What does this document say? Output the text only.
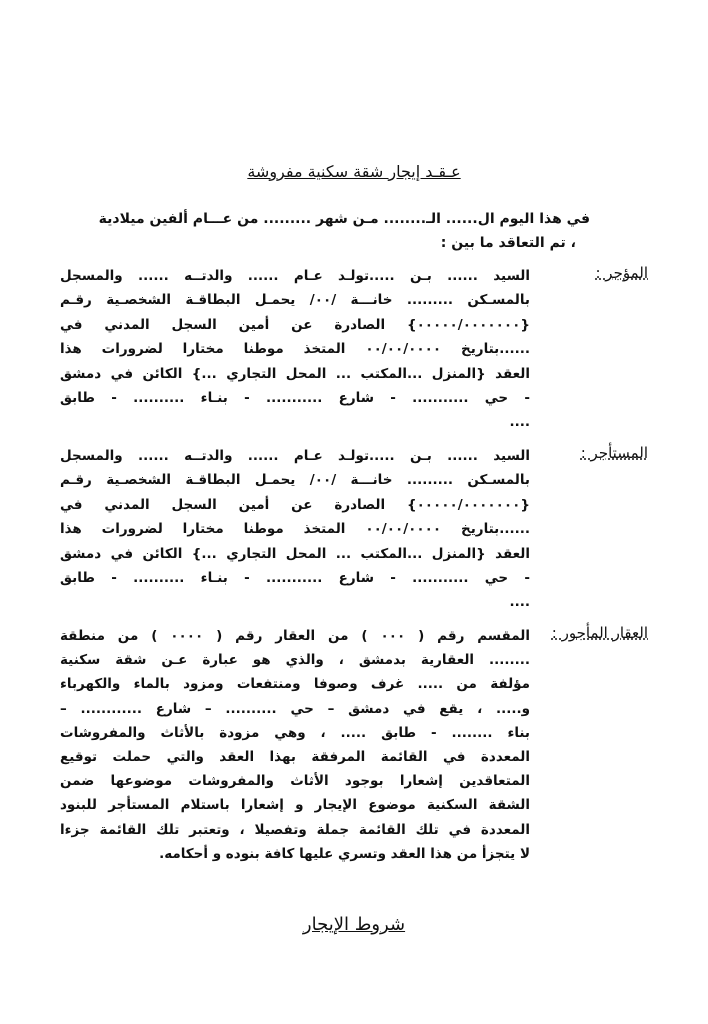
عـقـد إيجار شقة سكنية مفروشة
في هذا اليوم ال...... الـ........ مـن شهر ......... من عـــام ألفين ميلادية
، تم التعاقد ما بين :
المؤجر :
السيد ...... بـن .....تولـد عـام ...... والدتــه ...... والمسجل
بالمسـكن ......... خانـــة /٠٠/ يحمـل البطاقـة الشخصـية رقـم
{٠٠٠٠٠/٠٠٠٠٠٠٠} الصادرة عن أمين السجل المدني في
......بتاريخ ٠٠/٠٠/٠٠٠٠ المتخذ موطنا مختارا لضرورات هذا
العقد {المنزل ...المكتب ... المحل التجاري ...} الكائن في دمشق
- حي ........... - شارع ........... - بنـاء .......... - طابق
....
المستأجر :
السيد ...... بـن .....تولـد عـام ...... والدتــه ...... والمسجل
بالمسـكن ......... خانـــة /٠٠/ يحمـل البطاقـة الشخصـية رقـم
{٠٠٠٠٠/٠٠٠٠٠٠٠} الصادرة عن أمين السجل المدني في
......بتاريخ ٠٠/٠٠/٠٠٠٠ المتخذ موطنا مختارا لضرورات هذا
العقد {المنزل ...المكتب ... المحل التجاري ...} الكائن في دمشق
- حي ........... - شارع ........... - بنـاء .......... - طابق
....
العقار المأجور :
المقسم رقم ( ٠٠٠ ) من العقار رقم ( ٠٠٠٠ ) من منطقة
........ العقارية بدمشق ، والذي هو عبارة عـن شقة سكنية
مؤلفة من ..... غرف وصوفا ومنتفعات ومزود بالماء والكهرباء
و..... ، يقع في دمشق – حي .......... – شارع ............ –
بناء ........ - طابق ..... ، وهي مزودة بالأثاث والمفروشات
المعددة في القائمة المرفقة بهذا العقد والتي حملت توقيع
المتعاقدين إشعارا بوجود الأثاث والمفروشات موضوعها ضمن
الشقة السكنية موضوع الإيجار و إشعارا باستلام المستأجر للبنود
المعددة في تلك القائمة جملة وتفصيلا ، وتعتبر تلك القائمة جزءا
لا يتجزأ من هذا العقد وتسري عليها كافة بنوده و أحكامه.
شروط الإيجار
